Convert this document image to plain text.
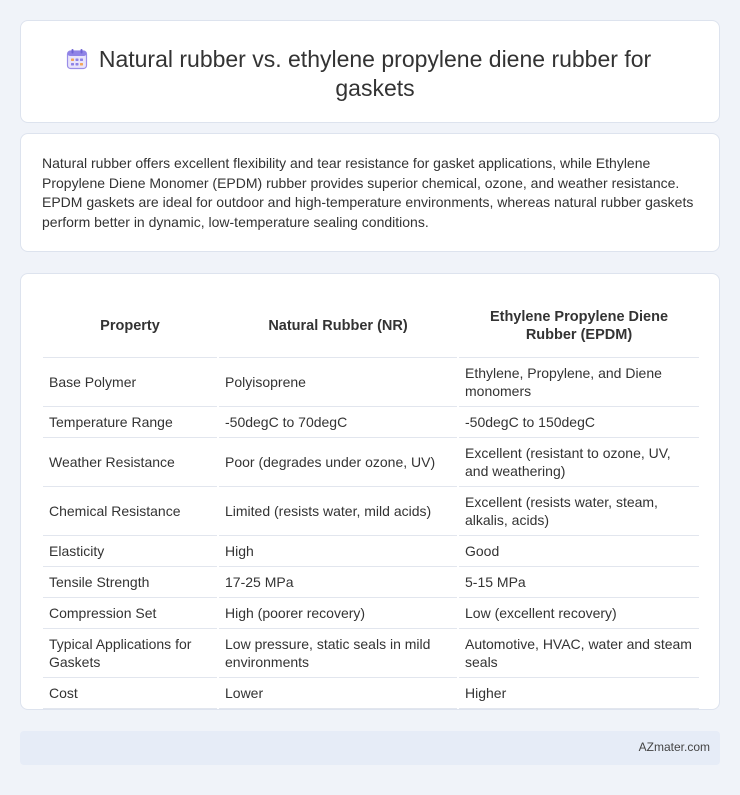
Natural rubber vs. ethylene propylene diene rubber for gaskets

Natural rubber offers excellent flexibility and tear resistance for gasket applications, while Ethylene Propylene Diene Monomer (EPDM) rubber provides superior chemical, ozone, and weather resistance. EPDM gaskets are ideal for outdoor and high-temperature environments, whereas natural rubber gaskets perform better in dynamic, low-temperature sealing conditions.

Property	Natural Rubber (NR)	Ethylene Propylene Diene Rubber (EPDM)
Base Polymer	Polyisoprene	Ethylene, Propylene, and Diene monomers
Temperature Range	-50degC to 70degC	-50degC to 150degC
Weather Resistance	Poor (degrades under ozone, UV)	Excellent (resistant to ozone, UV, and weathering)
Chemical Resistance	Limited (resists water, mild acids)	Excellent (resists water, steam, alkalis, acids)
Elasticity	High	Good
Tensile Strength	17-25 MPa	5-15 MPa
Compression Set	High (poorer recovery)	Low (excellent recovery)
Typical Applications for Gaskets	Low pressure, static seals in mild environments	Automotive, HVAC, water and steam seals
Cost	Lower	Higher
AZmater.com
